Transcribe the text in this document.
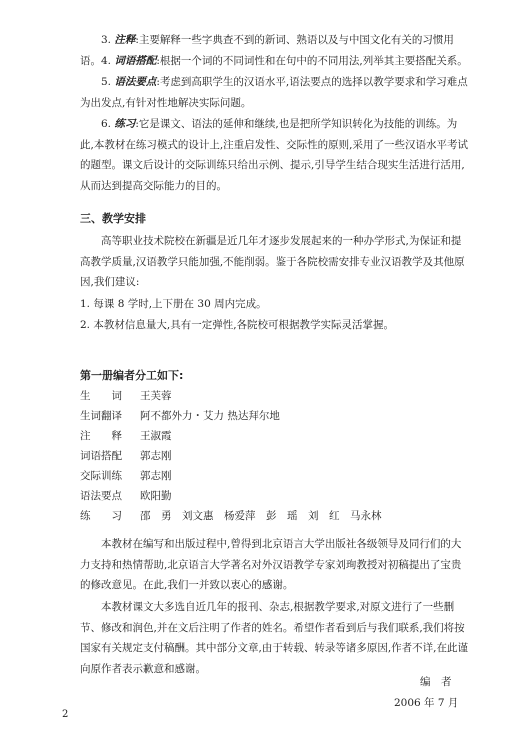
3. 注释:主要解释一些字典查不到的新词、熟语以及与中国文化有关的习惯用语。 4. 词语搭配:根据一个词的不同词性和在句中的不同用法,列举其主要搭配关系。

5. 语法要点:考虑到高职学生的汉语水平,语法要点的选择以教学要求和学习难点为出发点,有针对性地解决实际问题。

6. 练习:它是课文、语法的延伸和继续,也是把所学知识转化为技能的训练。为此,本教材在练习模式的设计上,注重启发性、交际性的原则,采用了一些汉语水平考试的题型。课文后设计的交际训练只给出示例、提示,引导学生结合现实生活进行活用,从而达到提高交际能力的目的。

三、教学安排

高等职业技术院校在新疆是近几年才逐步发展起来的一种办学形式,为保证和提高教学质量,汉语教学只能加强,不能削弱。鉴于各院校需安排专业汉语教学及其他原因,我们建议:

1. 每课 8 学时,上下册在 30 周内完成。

2. 本教材信息量大,具有一定弹性,各院校可根据教学实际灵活掌握。

第一册编者分工如下:
生　　词 王芙蓉
生词翻译 阿不都外力・艾力 热达拜尔地
注　　释 王淑霞
词语搭配 郭志刚
交际训练 郭志刚
语法要点 欧阳勤
练　　习 邵　勇　刘文惠　杨爱萍　彭　瑶　刘　红　马永林

本教材在编写和出版过程中,曾得到北京语言大学出版社各级领导及同行们的大力支持和热情帮助,北京语言大学著名对外汉语教学专家刘珣教授对初稿提出了宝贵的修改意见。在此,我们一并致以衷心的感谢。

本教材课文大多选自近几年的报刊、杂志,根据教学要求,对原文进行了一些删节、修改和润色,并在文后注明了作者的姓名。希望作者看到后与我们联系,我们将按国家有关规定支付稿酬。其中部分文章,由于转载、转录等诸多原因,作者不详,在此谨向原作者表示歉意和感谢。

编　者
2006 年 7 月
2
